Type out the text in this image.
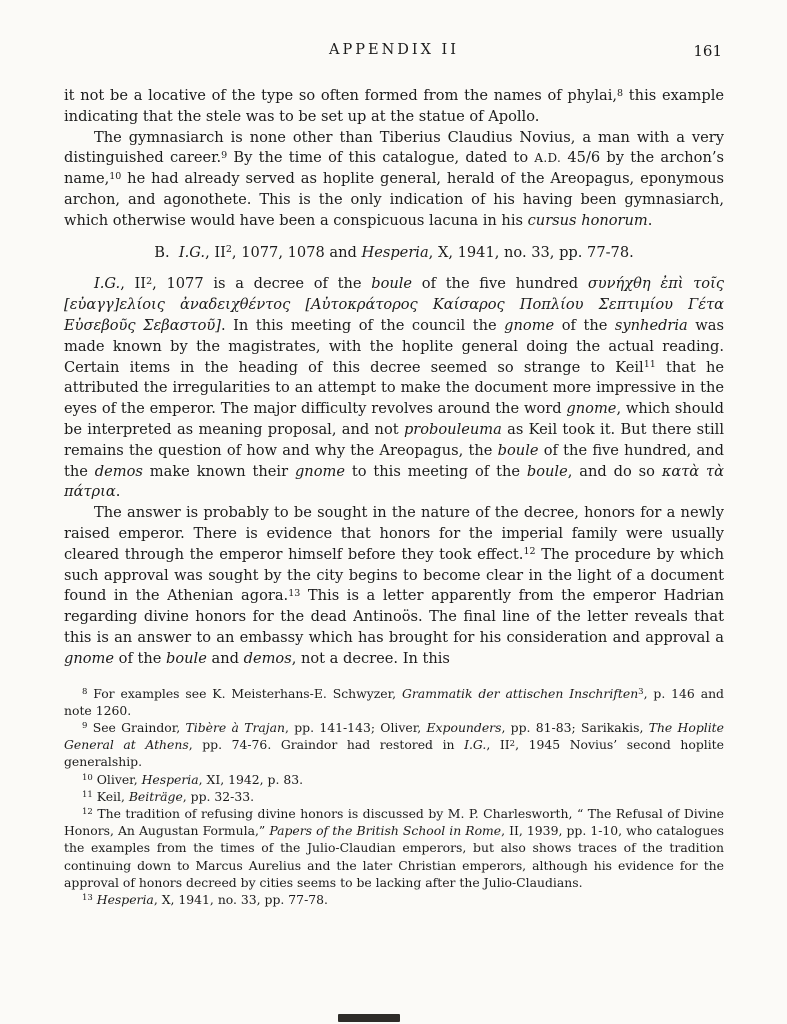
APPENDIX II	161

it not be a locative of the type so often formed from the names of phylai,$^8$ this example indicating that the stele was to be set up at the statue of Apollo.

The gymnasiarch is none other than Tiberius Claudius Novius, a man with a very distinguished career.$^9$ By the time of this catalogue, dated to A.D. 45/6 by the archon’s name,$^{10}$ he had already served as hoplite general, herald of the Areopagus, eponymous archon, and agonothete. This is the only indication of his having been gymnasiarch, which otherwise would have been a conspicuous lacuna in his cursus honorum.

B.  I.G., $II^2$, 1077, 1078 and Hesperia, X, 1941, no. 33, pp. 77-78.

I.G., $II^2$, 1077 is a decree of the boule of the five hundred συνήχθη ἐπὶ τοῖς [εὐαγγ]ελίοις ἀναδειχθέντος [Αὐτοκράτορος Καίσαρος Ποπλίου Σεπτιμίου Γέτα Εὐσεβοῦς Σεβαστοῦ]. In this meeting of the council the gnome of the synhedria was made known by the magistrates, with the hoplite general doing the actual reading. Certain items in the heading of this decree seemed so strange to Keil$^{11}$ that he attributed the irregularities to an attempt to make the document more impressive in the eyes of the emperor. The major difficulty revolves around the word gnome, which should be interpreted as meaning proposal, and not probouleuma as Keil took it. But there still remains the question of how and why the Areopagus, the boule of the five hundred, and the demos make known their gnome to this meeting of the boule, and do so κατὰ τὰ πάτρια.

The answer is probably to be sought in the nature of the decree, honors for a newly raised emperor. There is evidence that honors for the imperial family were usually cleared through the emperor himself before they took effect.$^{12}$ The procedure by which such approval was sought by the city begins to become clear in the light of a document found in the Athenian agora.$^{13}$ This is a letter apparently from the emperor Hadrian regarding divine honors for the dead Antinoös. The final line of the letter reveals that this is an answer to an embassy which has brought for his consideration and approval a gnome of the boule and demos, not a decree. In this

$^8$ For examples see K. Meisterhans-E. Schwyzer, Grammatik der attischen Inschriften$^3$, p. 146 and note 1260.

$^9$ See Graindor, Tibère à Trajan, pp. 141-143; Oliver, Expounders, pp. 81-83; Sarikakis, The Hoplite General at Athens, pp. 74-76. Graindor had restored in I.G., $II^2$, 1945 Novius’ second hoplite generalship.

$^{10}$ Oliver, Hesperia, XI, 1942, p. 83.

$^{11}$ Keil, Beiträge, pp. 32-33.

$^{12}$ The tradition of refusing divine honors is discussed by M. P. Charlesworth, “ The Refusal of Divine Honors, An Augustan Formula,” Papers of the British School in Rome, II, 1939, pp. 1-10, who catalogues the examples from the times of the Julio-Claudian emperors, but also shows traces of the tradition continuing down to Marcus Aurelius and the later Christian emperors, although his evidence for the approval of honors decreed by cities seems to be lacking after the Julio-Claudians.

$^{13}$ Hesperia, X, 1941, no. 33, pp. 77-78.
